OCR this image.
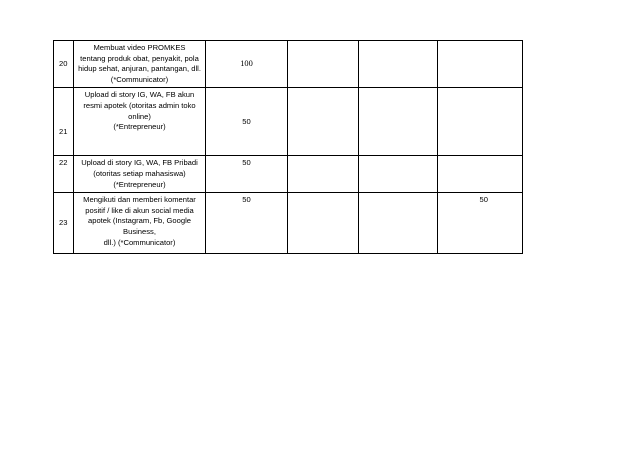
20	Membuat video PROMKES
tentang produk obat, penyakit, pola
hidup sehat, anjuran, pantangan, dll.
(*Communicator)	100			
21	Upload di story IG, WA, FB akun
resmi apotek (otoritas admin toko
online)
(*Entrepreneur)	50			
22	Upload di story IG, WA, FB Pribadi
(otoritas setiap mahasiswa)
(*Entrepreneur)	50			
23	Mengikuti dan memberi komentar
positif / like di akun social media
apotek (Instagram, Fb, Google
Business,
dll.) (*Communicator)	50			50
